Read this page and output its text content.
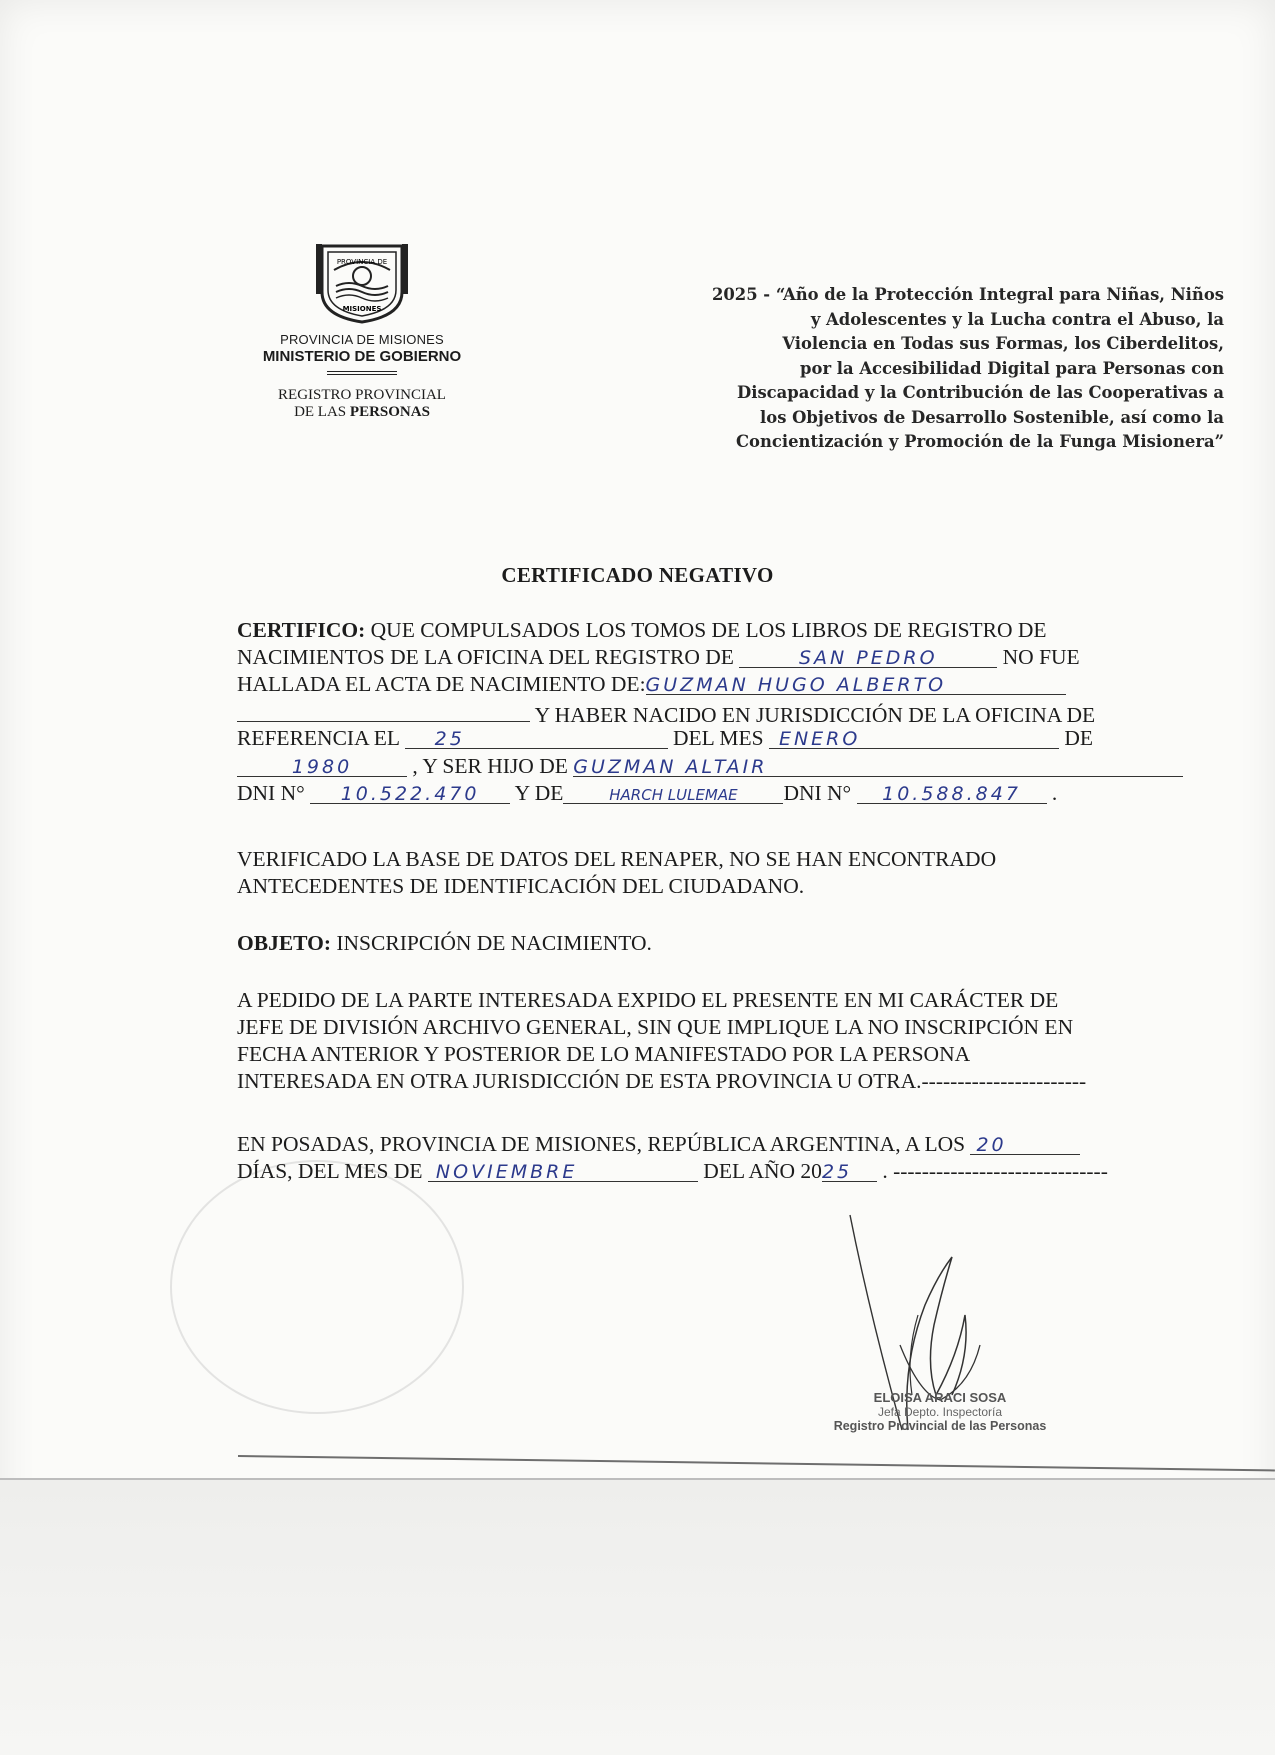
PROVINCIA DE
MISIONES
PROVINCIA DE MISIONES
MINISTERIO DE GOBIERNO
REGISTRO PROVINCIAL
DE LAS PERSONAS
2025 - “Año de la Protección Integral para Niñas, Niños
y Adolescentes y la Lucha contra el Abuso, la
Violencia en Todas sus Formas, los Ciberdelitos,
por la Accesibilidad Digital para Personas con
Discapacidad y la Contribución de las Cooperativas a
los Objetivos de Desarrollo Sostenible, así como la
Concientización y Promoción de la Funga Misionera”
CERTIFICADO NEGATIVO
CERTIFICO: QUE COMPULSADOS LOS TOMOS DE LOS LIBROS DE REGISTRO DE
NACIMIENTOS DE LA OFICINA DEL REGISTRO DE	SAN PEDRO	NO FUE
HALLADA EL ACTA DE NACIMIENTO DE:GUZMAN HUGO ALBERTO
Y HABER NACIDO EN JURISDICCIÓN DE LA OFICINA DE
REFERENCIA EL 25	DEL MES ENERO	DE
1980	, Y SER HIJO DE GUZMAN ALTAIR
DNI N° 10.522.470 Y DE	HARCH LULEMAE DNI N° 10.588.847 .
VERIFICADO LA BASE DE DATOS DEL RENAPER, NO SE HAN ENCONTRADO
ANTECEDENTES DE IDENTIFICACIÓN DEL CIUDADANO.
OBJETO: INSCRIPCIÓN DE NACIMIENTO.
A PEDIDO DE LA PARTE INTERESADA EXPIDO EL PRESENTE EN MI CARÁCTER DE
JEFE DE DIVISIÓN ARCHIVO GENERAL, SIN QUE IMPLIQUE LA NO INSCRIPCIÓN EN
FECHA ANTERIOR Y POSTERIOR DE LO MANIFESTADO POR LA PERSONA
INTERESADA EN OTRA JURISDICCIÓN DE ESTA PROVINCIA U OTRA.-----------------------
EN POSADAS, PROVINCIA DE MISIONES, REPÚBLICA ARGENTINA, A LOS 20
DÍAS, DEL MES DE NOVIEMBRE	DEL AÑO 2025 . ------------------------------
ELOISA ARACI SOSA
Jefa Depto. Inspectoría
Registro Provincial de las Personas
